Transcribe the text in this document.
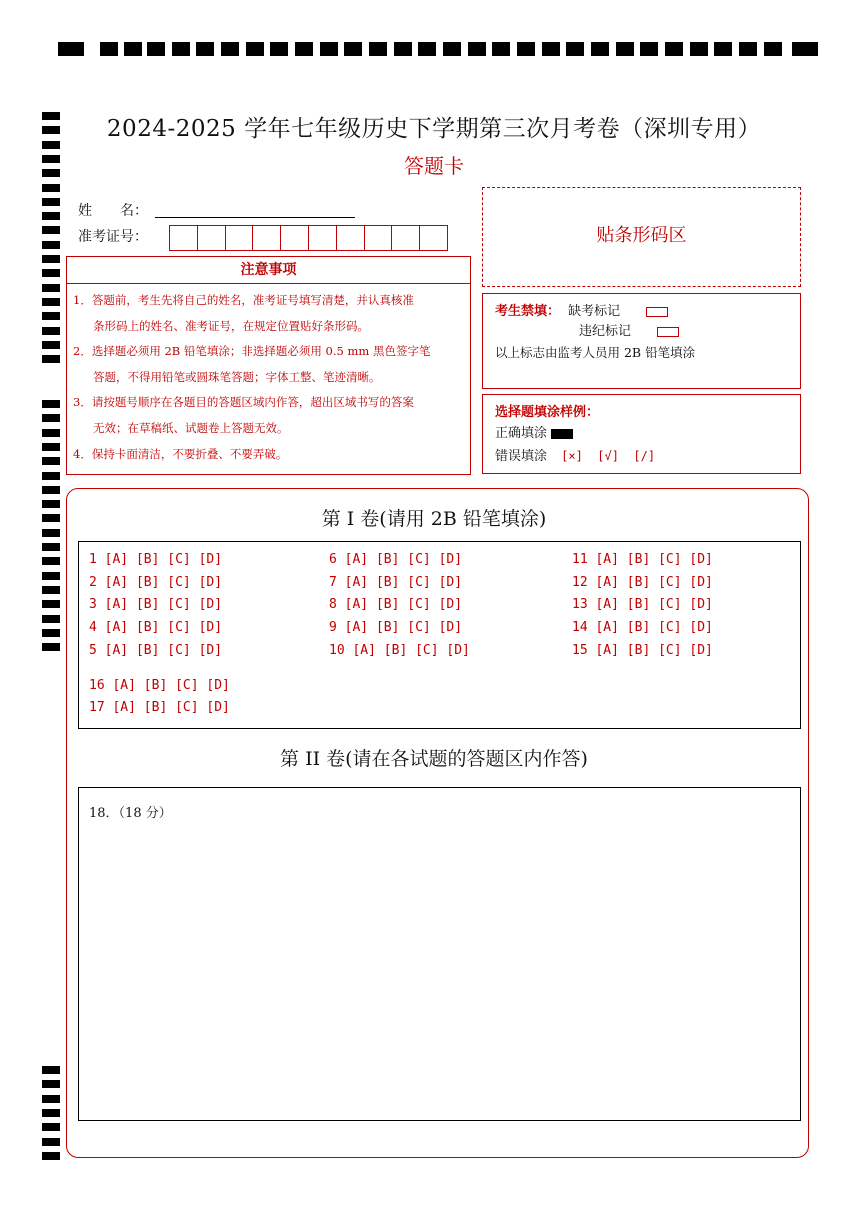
2024-2025 学年七年级历史下学期第三次月考卷（深圳专用）
答题卡
姓　　名：
准考证号：
注意事项
1．答题前，考生先将自己的姓名，准考证号填写清楚，并认真核准
条形码上的姓名、准考证号，在规定位置贴好条形码。
2．选择题必须用 2B 铅笔填涂；非选择题必须用 0.5 mm 黑色签字笔
答题，不得用铅笔或圆珠笔答题；字体工整、笔迹清晰。
3．请按题号顺序在各题目的答题区域内作答，超出区域书写的答案
无效；在草稿纸、试题卷上答题无效。
4．保持卡面清洁，不要折叠、不要弄破。
贴条形码区
考生禁填： 缺考标记
违纪标记
以上标志由监考人员用 2B 铅笔填涂
选择题填涂样例：
正确填涂
错误填涂 [×]  [√]  [/]
第 I 卷(请用 2B 铅笔填涂)
1 [A] [B] [C] [D]
2 [A] [B] [C] [D]
3 [A] [B] [C] [D]
4 [A] [B] [C] [D]
5 [A] [B] [C] [D]
6 [A] [B] [C] [D]
7 [A] [B] [C] [D]
8 [A] [B] [C] [D]
9 [A] [B] [C] [D]
10 [A] [B] [C] [D]
11 [A] [B] [C] [D]
12 [A] [B] [C] [D]
13 [A] [B] [C] [D]
14 [A] [B] [C] [D]
15 [A] [B] [C] [D]
16 [A] [B] [C] [D]
17 [A] [B] [C] [D]
第 II 卷(请在各试题的答题区内作答)
18．（18 分）
